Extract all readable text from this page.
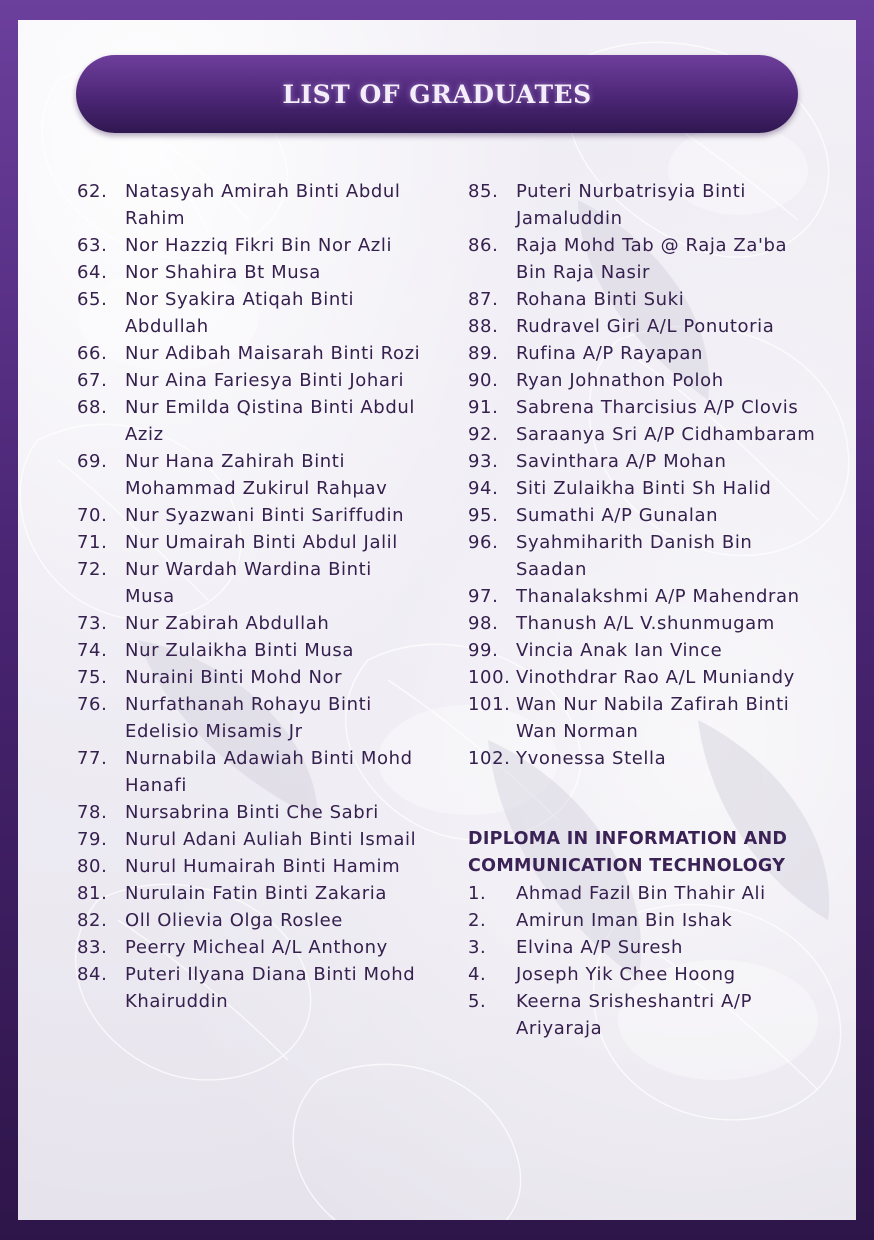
LIST OF GRADUATES
62. Natasyah Amirah Binti Abdul Rahim
63. Nor Hazziq Fikri Bin Nor Azli
64. Nor Shahira Bt Musa
65. Nor Syakira Atiqah Binti Abdullah
66. Nur Adibah Maisarah Binti Rozi
67. Nur Aina Fariesya Binti Johari
68. Nur Emilda Qistina Binti Abdul Aziz
69. Nur Hana Zahirah Binti Mohammad Zukirul Rahμav
70. Nur Syazwani Binti Sariffudin
71. Nur Umairah Binti Abdul Jalil
72. Nur Wardah Wardina Binti Musa
73. Nur Zabirah Abdullah
74. Nur Zulaikha Binti Musa
75. Nuraini Binti Mohd Nor
76. Nurfathanah Rohayu Binti Edelisio Misamis Jr
77. Nurnabila Adawiah Binti Mohd Hanafi
78. Nursabrina Binti Che Sabri
79. Nurul Adani Auliah Binti Ismail
80. Nurul Humairah Binti Hamim
81. Nurulain Fatin Binti Zakaria
82. Oll Olievia Olga Roslee
83. Peerry Micheal A/L Anthony
84. Puteri Ilyana Diana Binti Mohd Khairuddin
85. Puteri Nurbatrisyia Binti Jamaluddin
86. Raja Mohd Tab @ Raja Za'ba Bin Raja Nasir
87. Rohana Binti Suki
88. Rudravel Giri A/L Ponutoria
89. Rufina A/P Rayapan
90. Ryan Johnathon Poloh
91. Sabrena Tharcisius A/P Clovis
92. Saraanya Sri A/P Cidhambaram
93. Savinthara A/P Mohan
94. Siti Zulaikha Binti Sh Halid
95. Sumathi A/P Gunalan
96. Syahmiharith Danish Bin Saadan
97. Thanalakshmi A/P Mahendran
98. Thanush A/L V.shunmugam
99. Vincia Anak Ian Vince
100. Vinothdrar Rao A/L Muniandy
101. Wan Nur Nabila Zafirah Binti Wan Norman
102. Yvonessa Stella
DIPLOMA IN INFORMATION AND COMMUNICATION TECHNOLOGY
1.	Ahmad Fazil Bin Thahir Ali
2.	Amirun Iman Bin Ishak
3.	Elvina A/P Suresh
4.	Joseph Yik Chee Hoong
5.	Keerna Srisheshantri A/P Ariyaraja
